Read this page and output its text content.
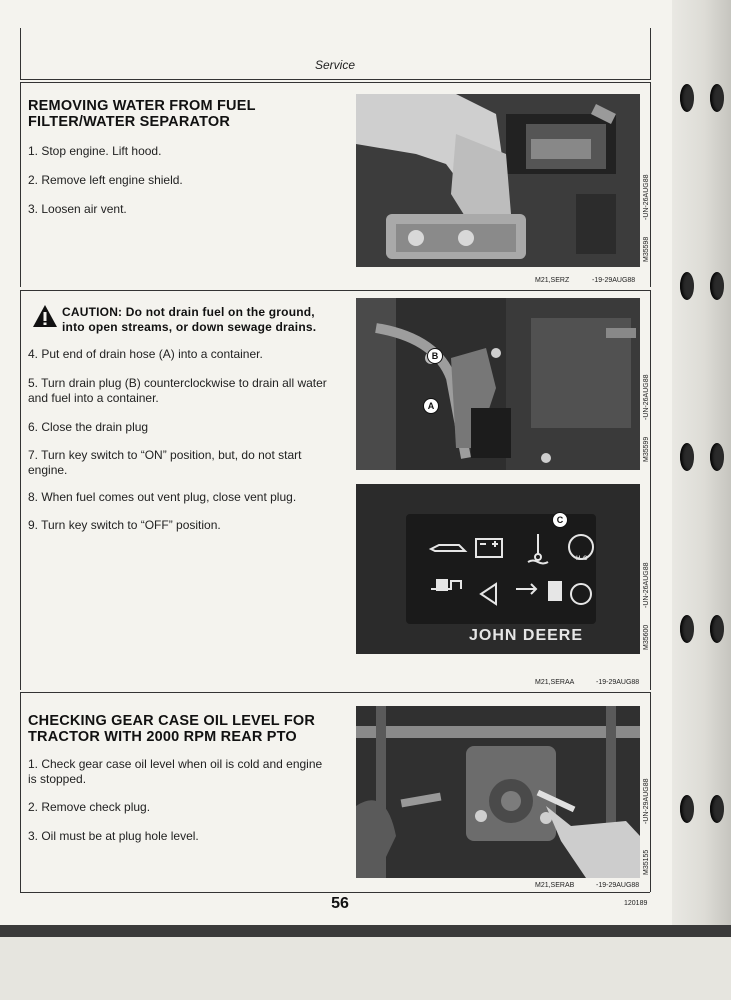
Service
REMOVING WATER FROM FUEL
FILTER/WATER SEPARATOR
1. Stop engine. Lift hood.
2. Remove left engine shield.
3. Loosen air vent.
M35598
-UN-26AUG88
M21,SERZ	-19-29AUG88
CAUTION: Do not drain fuel on the ground,
into open streams, or down sewage drains.
4. Put end of drain hose (A) into a container.
5. Turn drain plug (B) counterclockwise to drain all water
and fuel into a container.
6. Close the drain plug
7. Turn key switch to “ON” position, but, do not start
engine.
8. When fuel comes out vent plug, close vent plug.
9. Turn key switch to “OFF” position.
B
A
M35599
-UN-26AUG88
H₂O
JOHN DEERE
C
M35600
-UN-26AUG88
M21,SERAA	-19-29AUG88
CHECKING GEAR CASE OIL LEVEL FOR
TRACTOR WITH 2000 RPM REAR PTO
1. Check gear case oil level when oil is cold and engine
is stopped.
2. Remove check plug.
3. Oil must be at plug hole level.
M35155
-UN-29AUG88
M21,SERAB	-19-29AUG88
56	120189
